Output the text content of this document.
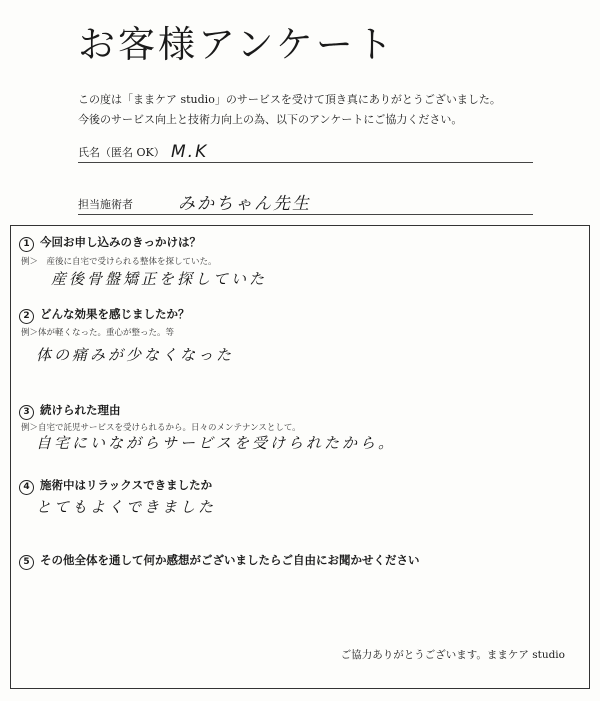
お客様アンケート
この度は「ままケア studio」のサービスを受けて頂き真にありがとうございました。
今後のサービス向上と技術力向上の為、以下のアンケートにご協力ください。
氏名（匿名 OK） M.K
担当施術者	みかちゃん先生
1 今回お申し込みのきっかけは？
例＞　産後に自宅で受けられる整体を探していた。
産後骨盤矯正を探していた
2 どんな効果を感じましたか？
例＞体が軽くなった。重心が整った。等
体の痛みが少なくなった
3 続けられた理由
例＞自宅で託児サービスを受けられるから。日々のメンテナンスとして。
自宅にいながらサービスを受けられたから。
4 施術中はリラックスできましたか
とてもよくできました
5 その他全体を通して何か感想がございましたらご自由にお聞かせください
ご協力ありがとうございます。ままケア studio
